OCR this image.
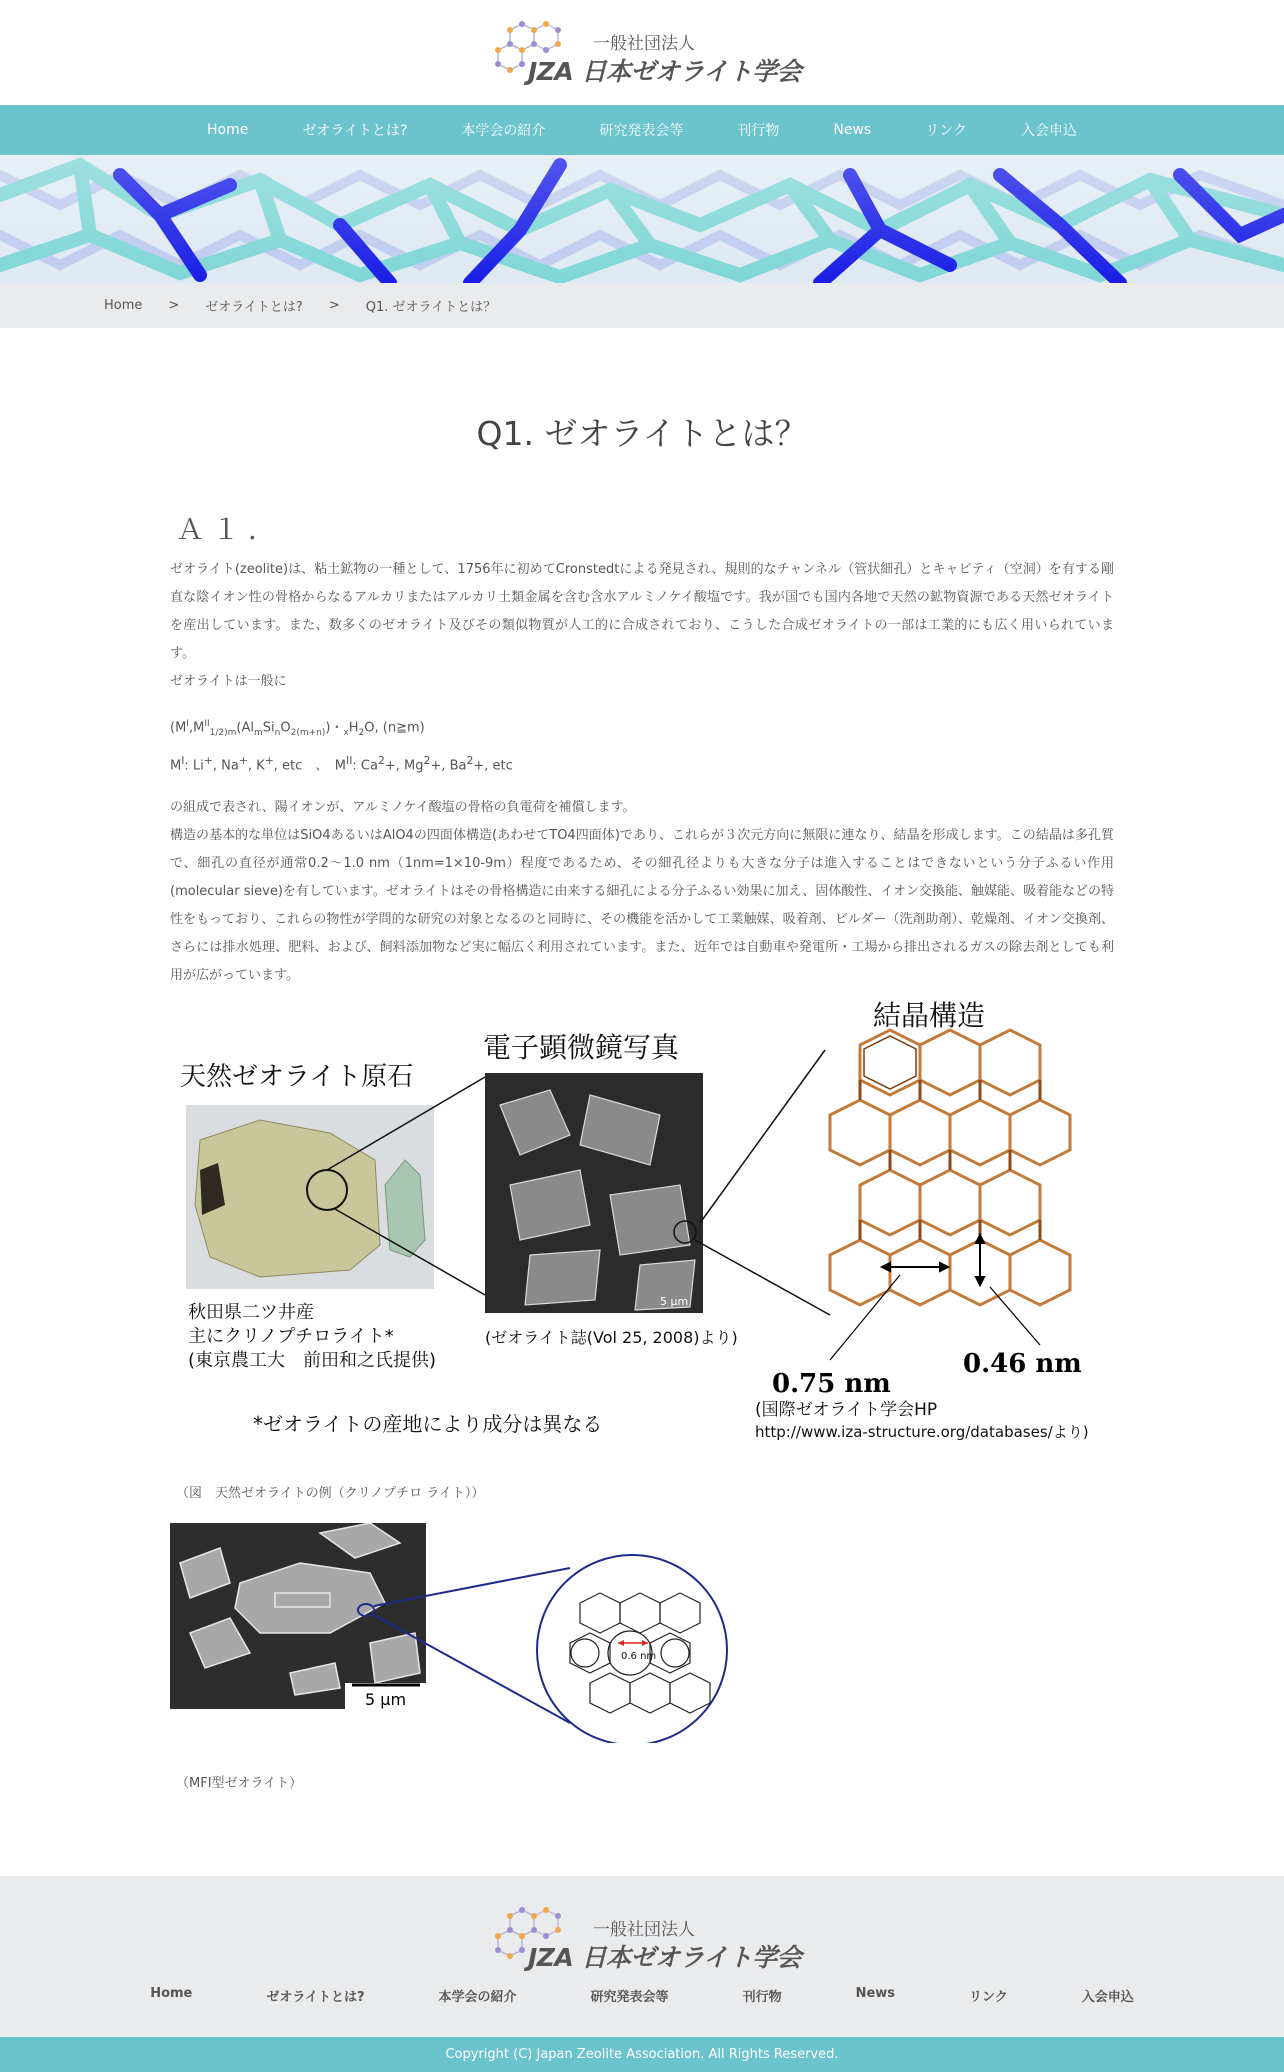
一般社団法人
JZA 日本ゼオライト学会
Home	ゼオライトとは?	本学会の紹介	研究発表会等	刊行物	News	リンク	入会申込
Home > ゼオライトとは? > Q1. ゼオライトとは？
Q1. ゼオライトとは？
Ａ１．

ゼオライト(zeolite)は、粘土鉱物の一種として、1756年に初めてCronstedtによる発見され、規則的なチャンネル（管状細孔）とキャビティ（空洞）を有する剛直な陰イオン性の骨格からなるアルカリまたはアルカリ土類金属を含む含水アルミノケイ酸塩です。我が国でも国内各地で天然の鉱物資源である天然ゼオライトを産出しています。また、数多くのゼオライト及びその類似物質が人工的に合成されており、こうした合成ゼオライトの一部は工業的にも広く用いられています。

ゼオライトは一般に

($M^I,M^{II}_{1/2)m}(Al_mSi_nO_{2(m+n)})$・$_xH_2O$, (n≧m)
$M^I$: Li+, Na+, K+, etc　、　$M^{II}$: $Ca^2+$, $Mg^2+$, $Ba^2+$, etc

の組成で表され、陽イオンが、アルミノケイ酸塩の骨格の負電荷を補償します。

構造の基本的な単位はSiO4あるいはAlO4の四面体構造(あわせてTO4四面体)であり、これらが３次元方向に無限に連なり、結晶を形成します。この結晶は多孔質で、細孔の直径が通常0.2～1.0 nm（1nm=1×10-9m）程度であるため、その細孔径よりも大きな分子は進入することはできないという分子ふるい作用(molecular sieve)を有しています。ゼオライトはその骨格構造に由来する細孔による分子ふるい効果に加え、固体酸性、イオン交換能、触媒能、吸着能などの特性をもっており、これらの物性が学問的な研究の対象となるのと同時に、その機能を活かして工業触媒、吸着剤、ビルダー（洗剤助剤）、乾燥剤、イオン交換剤、さらには排水処理、肥料、および、飼料添加物など実に幅広く利用されています。また、近年では自動車や発電所・工場から排出されるガスの除去剤としても利用が広がっています。

天然ゼオライト原石
電子顕微鏡写真
結晶構造
5 μm
(ゼオライト誌(Vol 25, 2008)より)
秋田県二ツ井産
主にクリノプチロライト*
(東京農工大　前田和之氏提供)
0.75 nm
0.46 nm
(国際ゼオライト学会HP
http://www.iza-structure.org/databases/より)
*ゼオライトの産地により成分は異なる
（図　天然ゼオライトの例（クリノプチロ ライト））
5 μm
0.6 nm
（MFI型ゼオライト）
一般社団法人
JZA 日本ゼオライト学会
Home	ゼオライトとは?	本学会の紹介	研究発表会等	刊行物	News	リンク	入会申込
Copyright (C) Japan Zeolite Association. All Rights Reserved.
